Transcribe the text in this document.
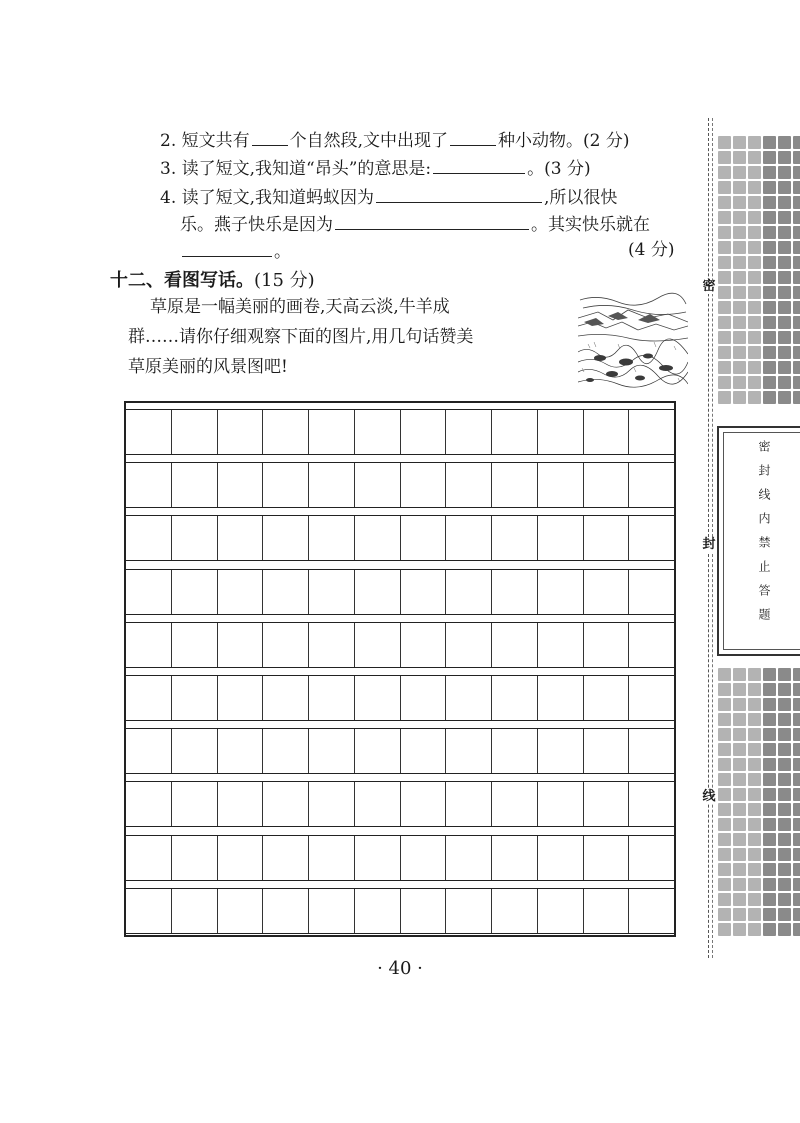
2. 短文共有 个自然段,文中出现了	种小动物。(2 分)
3. 读了短文,我知道“昂头”的意思是:	。(3 分)
4. 读了短文,我知道蚂蚁因为	,所以很快
乐。燕子快乐是因为	。其实快乐就在
。	(4 分)
十二、看图写话。(15 分)
草原是一幅美丽的画卷,天高云淡,牛羊成
群……请你仔细观察下面的图片,用几句话赞美
草原美丽的风景图吧!
· 40 ·
密
封	密封线内禁止答题
线
